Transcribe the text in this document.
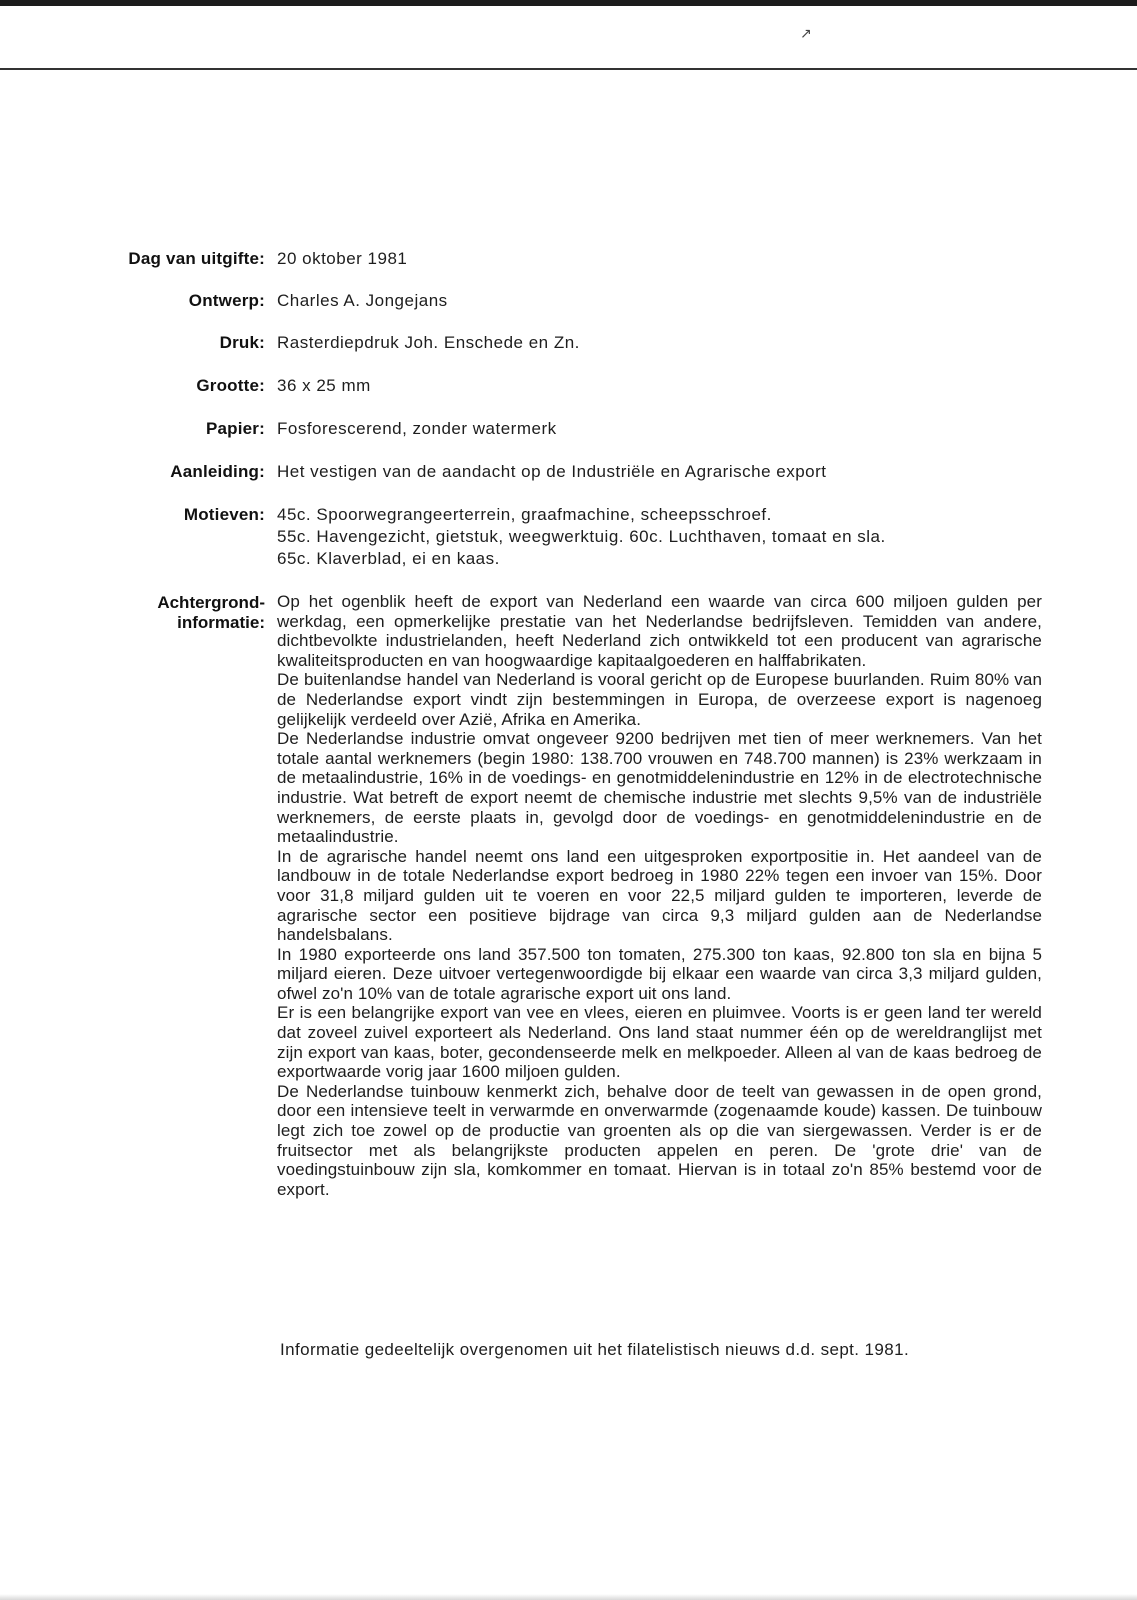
↗
Dag van uitgifte: 20 oktober 1981
Ontwerp: Charles A. Jongejans
Druk: Rasterdiepdruk Joh. Enschede en Zn.
Grootte: 36 x 25 mm
Papier: Fosforescerend, zonder watermerk
Aanleiding: Het vestigen van de aandacht op de Industriële en Agrarische export
Motieven: 45c. Spoorwegrangeerterrein, graafmachine, scheepsschroef.
55c. Havengezicht, gietstuk, weegwerktuig. 60c. Luchthaven, tomaat en sla.
65c. Klaverblad, ei en kaas.
Achtergrond-
informatie:

Op het ogenblik heeft de export van Nederland een waarde van circa 600 miljoen gulden per werkdag, een opmerkelijke prestatie van het Nederlandse bedrijfsleven. Temidden van andere, dichtbevolkte industrielanden, heeft Nederland zich ontwikkeld tot een producent van agrarische kwaliteitsproducten en van hoogwaardige kapitaalgoederen en halffabrikaten.

De buitenlandse handel van Nederland is vooral gericht op de Europese buurlanden. Ruim 80% van de Nederlandse export vindt zijn bestemmingen in Europa, de overzeese export is nagenoeg gelijkelijk verdeeld over Azië, Afrika en Amerika.

De Nederlandse industrie omvat ongeveer 9200 bedrijven met tien of meer werknemers. Van het totale aantal werknemers (begin 1980: 138.700 vrouwen en 748.700 mannen) is 23% werkzaam in de metaalindustrie, 16% in de voedings- en genotmiddelenindustrie en 12% in de electrotechnische industrie. Wat betreft de export neemt de chemische industrie met slechts 9,5% van de industriële werknemers, de eerste plaats in, gevolgd door de voedings- en genotmiddelenindustrie en de metaalindustrie.

In de agrarische handel neemt ons land een uitgesproken exportpositie in. Het aandeel van de landbouw in de totale Nederlandse export bedroeg in 1980 22% tegen een invoer van 15%. Door voor 31,8 miljard gulden uit te voeren en voor 22,5 miljard gulden te importeren, leverde de agrarische sector een positieve bijdrage van circa 9,3 miljard gulden aan de Nederlandse handelsbalans.

In 1980 exporteerde ons land 357.500 ton tomaten, 275.300 ton kaas, 92.800 ton sla en bijna 5 miljard eieren. Deze uitvoer vertegenwoordigde bij elkaar een waarde van circa 3,3 miljard gulden, ofwel zo'n 10% van de totale agrarische export uit ons land.

Er is een belangrijke export van vee en vlees, eieren en pluimvee. Voorts is er geen land ter wereld dat zoveel zuivel exporteert als Nederland. Ons land staat nummer één op de wereldranglijst met zijn export van kaas, boter, gecondenseerde melk en melkpoeder. Alleen al van de kaas bedroeg de exportwaarde vorig jaar 1600 miljoen gulden.

De Nederlandse tuinbouw kenmerkt zich, behalve door de teelt van gewassen in de open grond, door een intensieve teelt in verwarmde en onverwarmde (zogenaamde koude) kassen. De tuinbouw legt zich toe zowel op de productie van groenten als op die van siergewassen. Verder is er de fruitsector met als belangrijkste producten appelen en peren. De 'grote drie' van de voedingstuinbouw zijn sla, komkommer en tomaat. Hiervan is in totaal zo'n 85% bestemd voor de export.

Informatie gedeeltelijk overgenomen uit het filatelistisch nieuws d.d. sept. 1981.
